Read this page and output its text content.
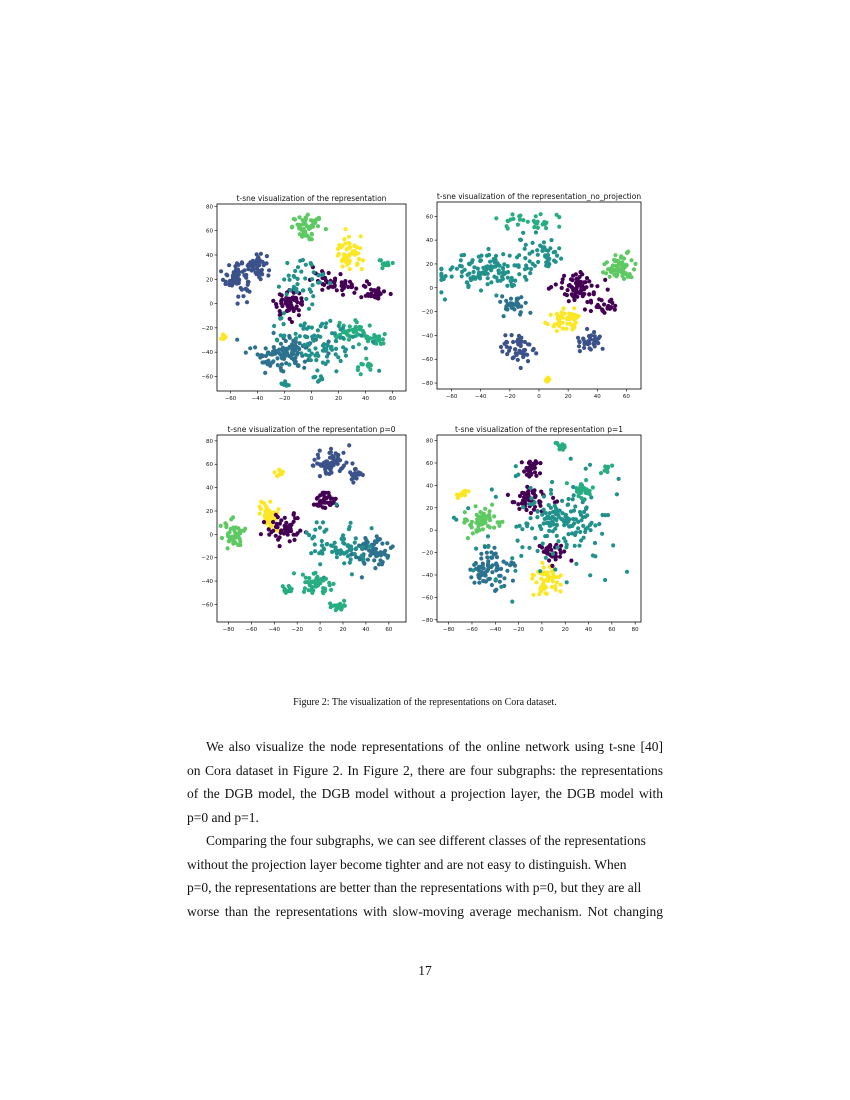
t-sne visualization of the representation
−60	−40	−20	0	20	40	60
−60
−40
−20
0
20
40
60
80
t-sne visualization of the representation_no_projection
−60	−40	−20	0	20	40	60
−80
−60
−40
−20
0
20
40
60
t-sne visualization of the representation p=0
−80 −60 −40 −20	0	20	40	60
−60
−40
−20
0
20
40
60
80
t-sne visualization of the representation p=1
−80 −60 −40 −20	0	20	40	60	80
−80
−60
−40
−20
0
20
40
60
80
Figure 2: The visualization of the representations on Cora dataset.
We also visualize the node representations of the online network using t-sne [40]
on Cora dataset in Figure 2. In Figure 2, there are four subgraphs: the representations
of the DGB model, the DGB model without a projection layer, the DGB model with
p=0 and p=1.
Comparing the four subgraphs, we can see different classes of the representations
without the projection layer become tighter and are not easy to distinguish. When
p=0, the representations are better than the representations with p=0, but they are all
worse than the representations with slow-moving average mechanism. Not changing
17
